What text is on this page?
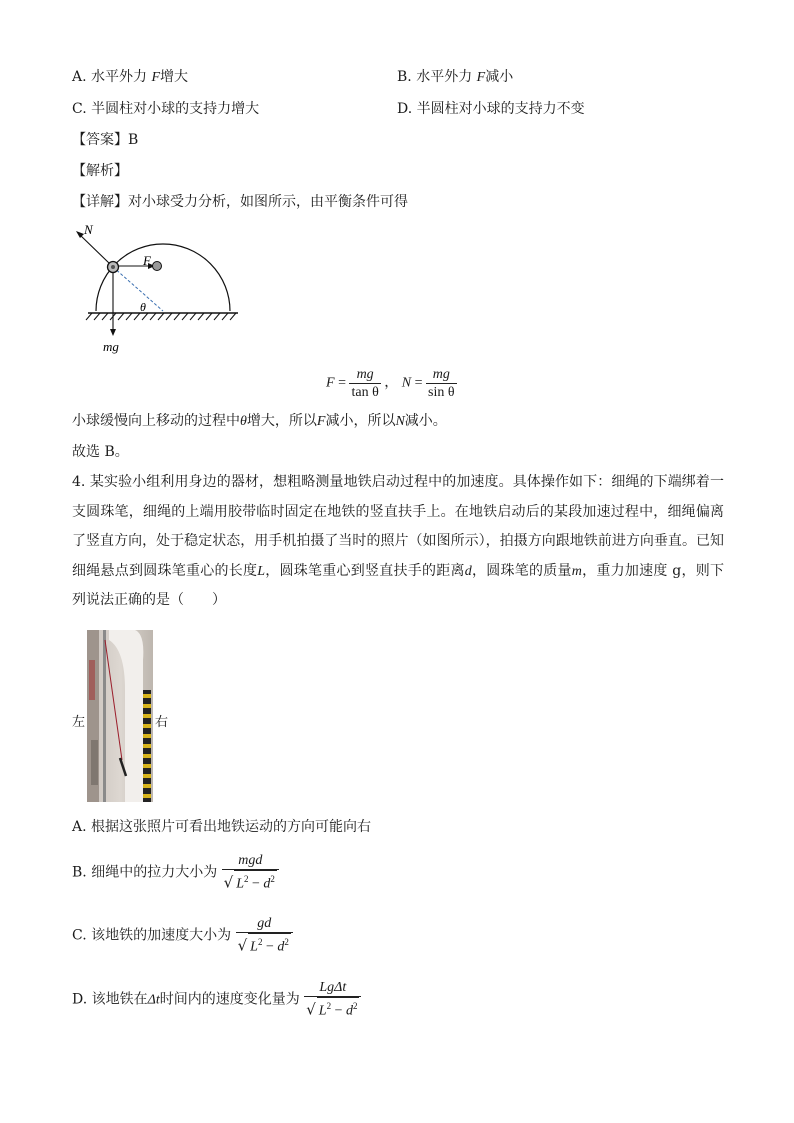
A. 水平外力 F增大	B. 水平外力 F减小
C. 半圆柱对小球的支持力增大	D. 半圆柱对小球的支持力不变
【答案】B
【解析】
【详解】对小球受力分析，如图所示，由平衡条件可得
N
F
θ
mg
$F = \frac{mg}{\text{tan θ}}$ ， $N = \frac{mg}{\text{sin θ}}$
小球缓慢向上移动的过程中θ增大，所以F减小，所以N减小。
故选 B。
4. 某实验小组利用身边的器材，想粗略测量地铁启动过程中的加速度。具体操作如下：细绳的下端绑着一支圆珠笔，细绳的上端用胶带临时固定在地铁的竖直扶手上。在地铁启动后的某段加速过程中，细绳偏离了竖直方向，处于稳定状态，用手机拍摄了当时的照片（如图所示），拍摄方向跟地铁前进方向垂直。已知细绳悬点到圆珠笔重心的长度L，圆珠笔重心到竖直扶手的距离d，圆珠笔的质量m，重力加速度 g，则下列说法正确的是（　　）
左	右
A. 根据这张照片可看出地铁运动的方向可能向右
B. 细绳中的拉力大小为 $\frac{\text{mgd}}{√ L^2 - d^2}$
C. 该地铁的加速度大小为 $\frac{gd}{√ L^2 - d^2}$
D. 该地铁在Δt时间内的速度变化量为 $\frac{\text{LgΔt}}{√ L^2 - d^2}$
